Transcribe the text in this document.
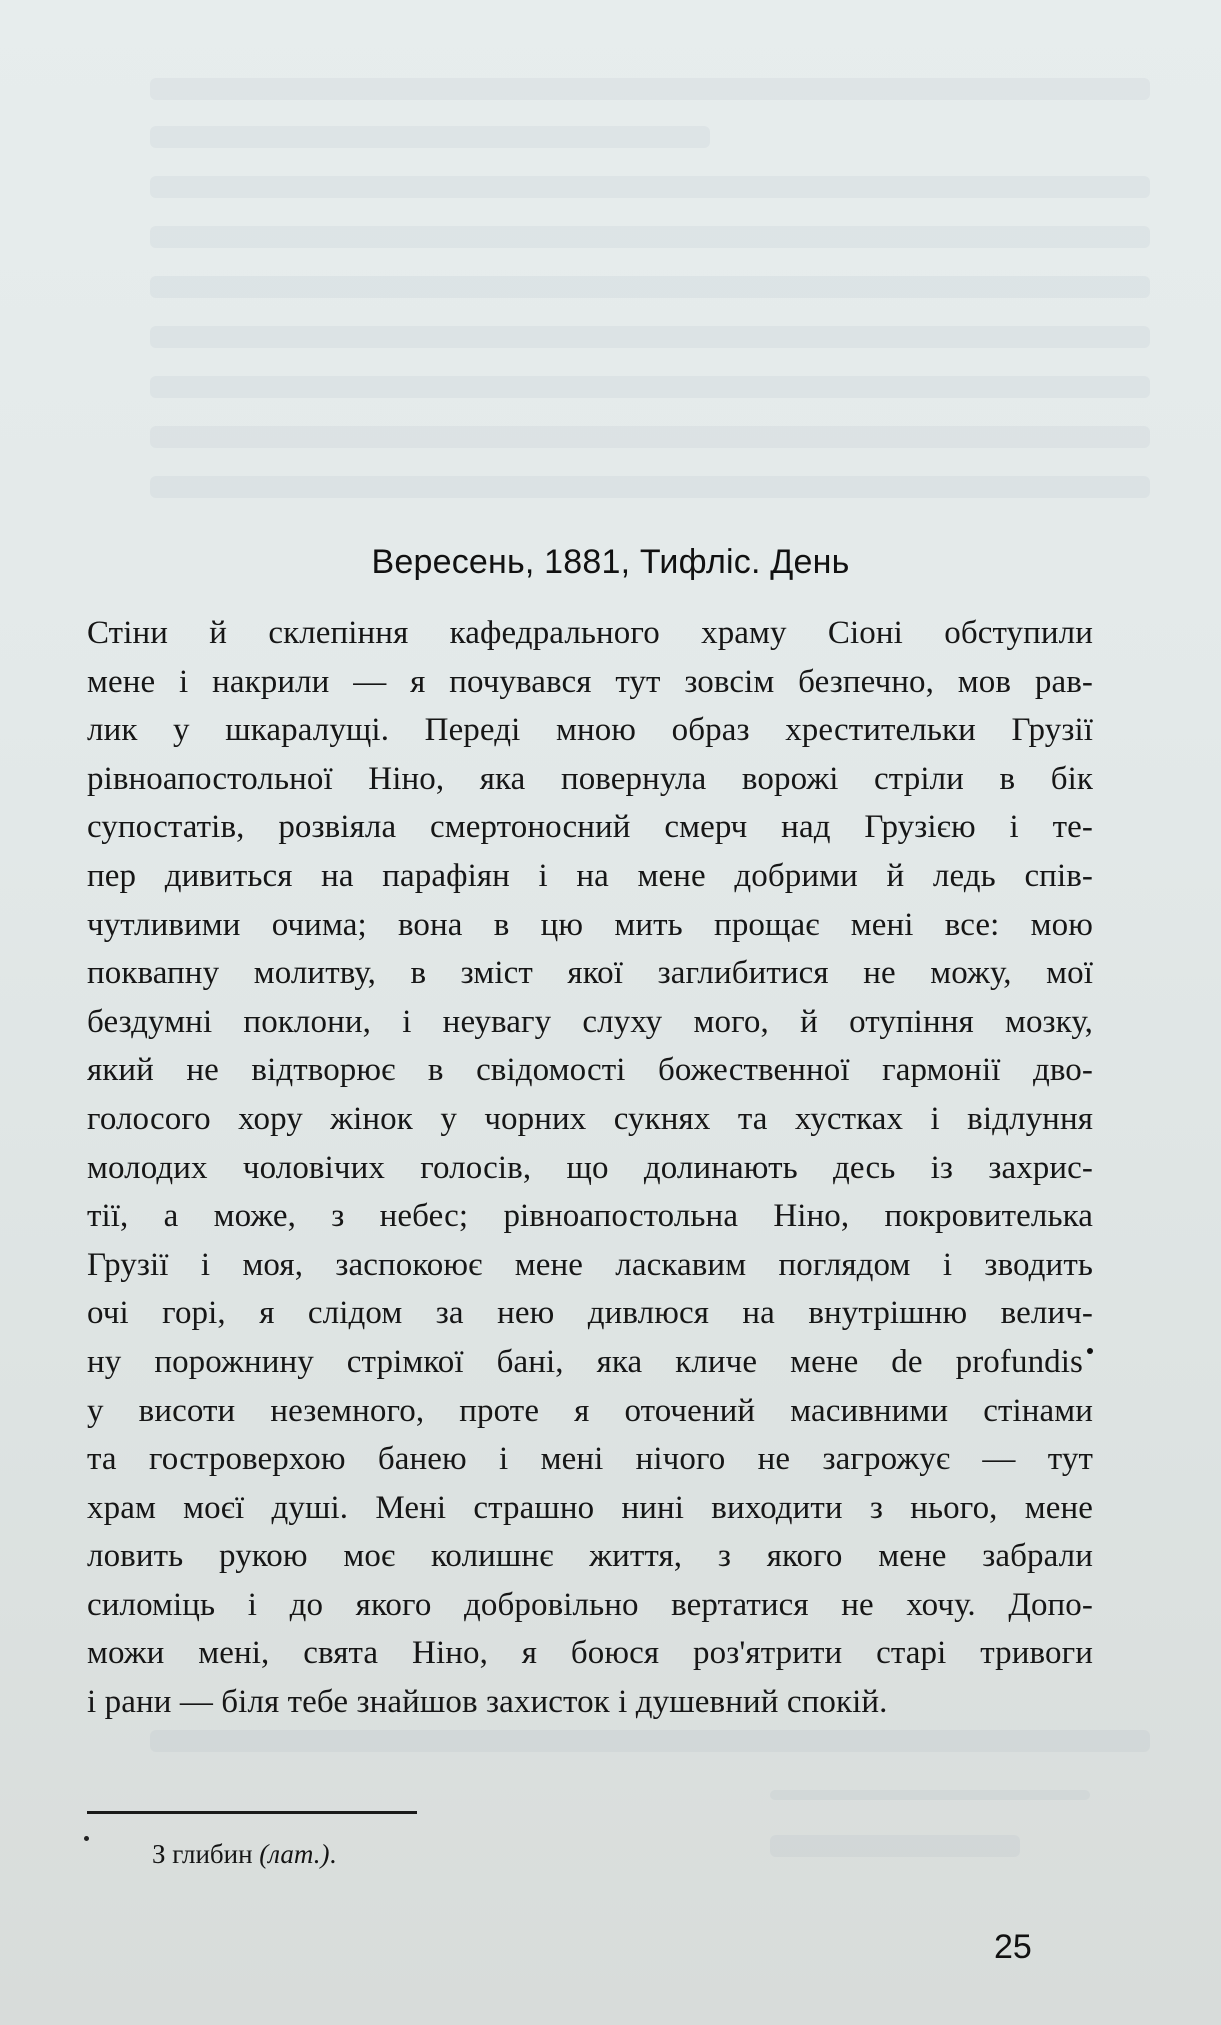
Вересень, 1881, Тифліс. День
Стіни й склепіння кафедрального храму Сіоні обступили
мене і накрили — я почувався тут зовсім безпечно, мов рав-
лик у шкаралущі. Переді мною образ хрестительки Грузії
рівноапостольної Ніно, яка повернула ворожі стріли в бік
супостатів, розвіяла смертоносний смерч над Грузією і те-
пер дивиться на парафіян і на мене добрими й ледь спів-
чутливими очима; вона в цю мить прощає мені все: мою
поквапну молитву, в зміст якої заглибитися не можу, мої
бездумні поклони, і неувагу слуху мого, й отупіння мозку,
який не відтворює в свідомості божественної гармонії дво-
голосого хору жінок у чорних сукнях та хустках і відлуння
молодих чоловічих голосів, що долинають десь із захрис-
тії, а може, з небес; рівноапостольна Ніно, покровителька
Грузії і моя, заспокоює мене ласкавим поглядом і зводить
очі горі, я слідом за нею дивлюся на внутрішню велич-
ну порожнину стрімкої бані, яка кличе мене de profundis
у висоти неземного, проте я оточений масивними стінами
та гостроверхою банею і мені нічого не загрожує — тут
храм моєї душі. Мені страшно нині виходити з нього, мене
ловить рукою моє колишнє життя, з якого мене забрали
силоміць і до якого добровільно вертатися не хочу. Допо-
можи мені, свята Ніно, я боюся роз'ятрити старі тривоги
і рани — біля тебе знайшов захисток і душевний спокій.
З глибин (лат.).
25
